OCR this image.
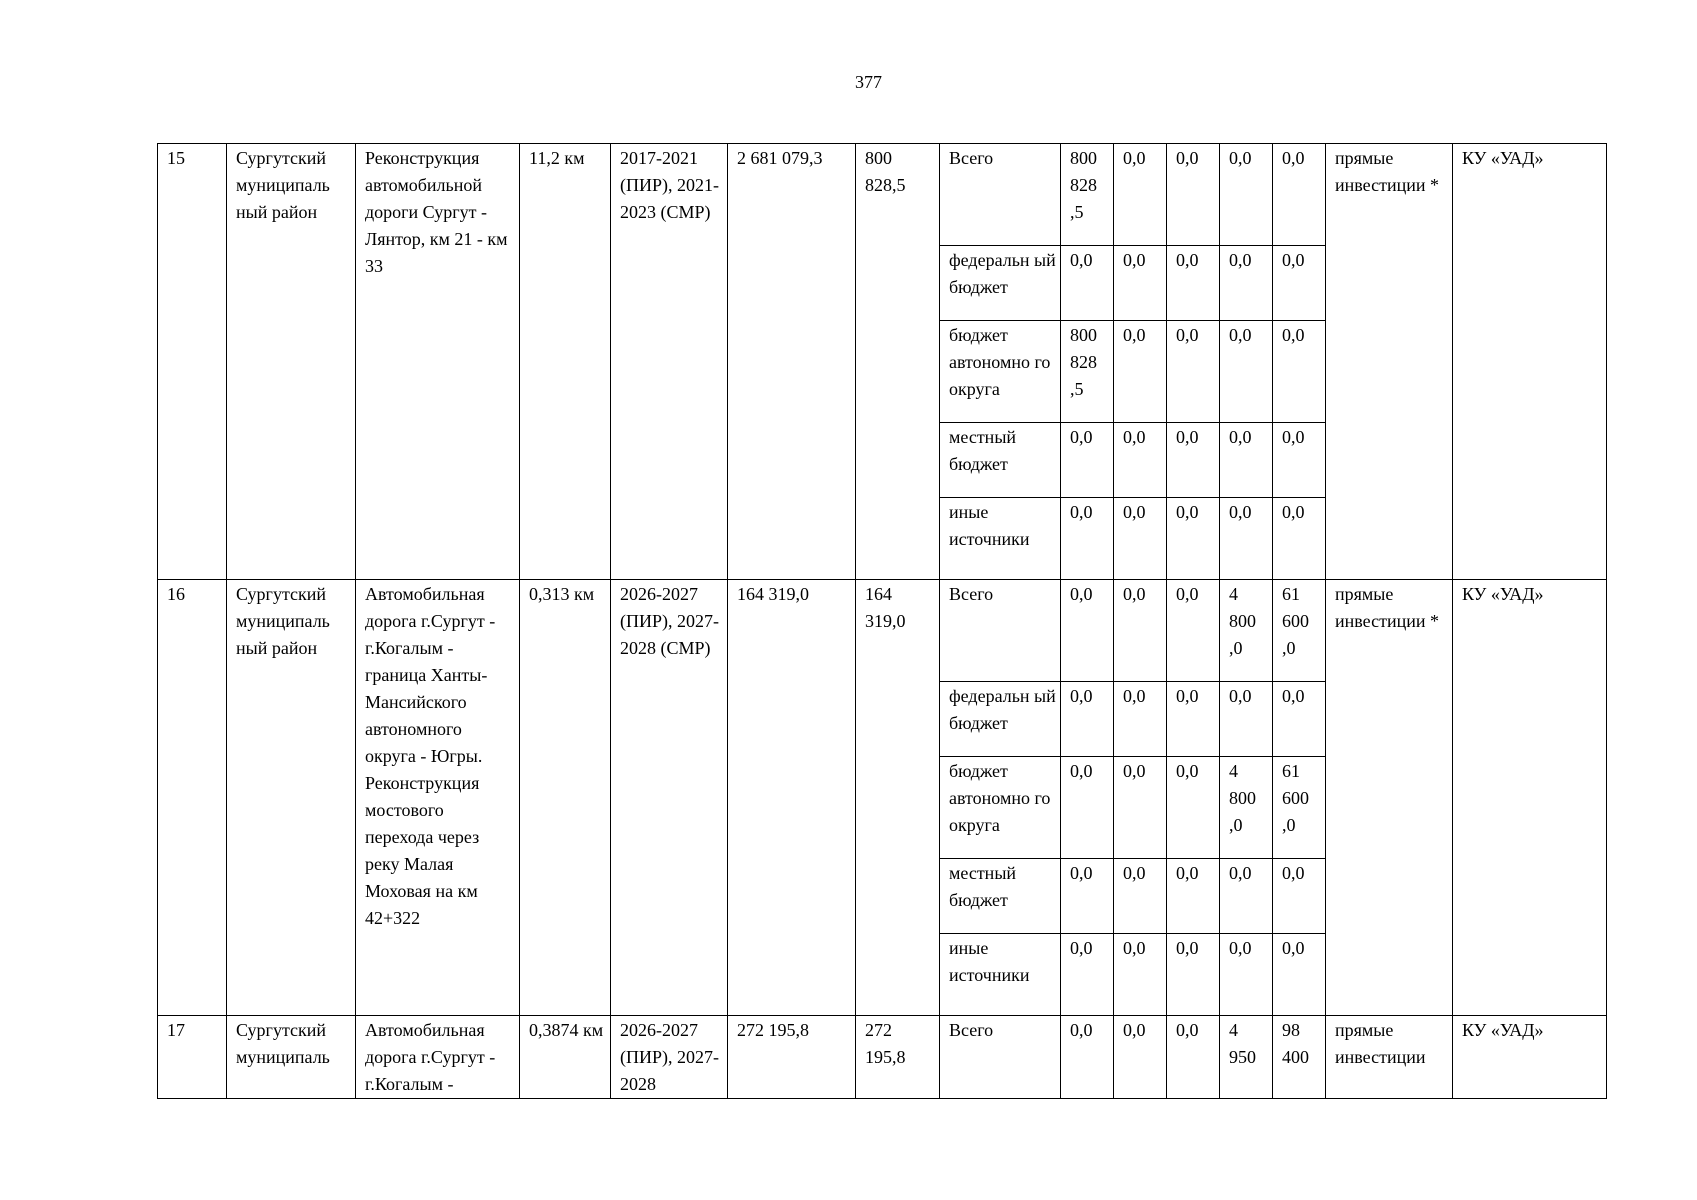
377
15	Сургутский муниципаль ный район	Реконструкция автомобильной дороги Сургут - Лянтор, км 21 - км 33	11,2 км	2017-2021 (ПИР), 2021-2023 (СМР)	2 681 079,3	800 828,5	Всего	800 828 ,5	0,0	0,0	0,0	0,0	прямые инвестиции *	КУ «УАД»
							федеральн ый бюджет	0,0	0,0	0,0	0,0	0,0		
							бюджет автономно го округа	800 828 ,5	0,0	0,0	0,0	0,0		
							местный бюджет	0,0	0,0	0,0	0,0	0,0		
							иные источники	0,0	0,0	0,0	0,0	0,0		
16	Сургутский муниципаль ный район	Автомобильная дорога г.Сургут - г.Когалым - граница Ханты-Мансийского автономного округа - Югры. Реконструкция мостового перехода через реку Малая Моховая на км 42+322	0,313 км	2026-2027 (ПИР), 2027-2028 (СМР)	164 319,0	164 319,0	Всего	0,0	0,0	0,0	4 800 ,0	61 600 ,0	прямые инвестиции *	КУ «УАД»
							федеральн ый бюджет	0,0	0,0	0,0	0,0	0,0		
							бюджет автономно го округа	0,0	0,0	0,0	4 800 ,0	61 600 ,0		
							местный бюджет	0,0	0,0	0,0	0,0	0,0		
							иные источники	0,0	0,0	0,0	0,0	0,0		
17	Сургутский муниципаль	Автомобильная дорога г.Сургут - г.Когалым -	0,3874 км	2026-2027 (ПИР), 2027-2028	272 195,8	272 195,8	Всего	0,0	0,0	0,0	4 950	98 400	прямые инвестиции	КУ «УАД»
